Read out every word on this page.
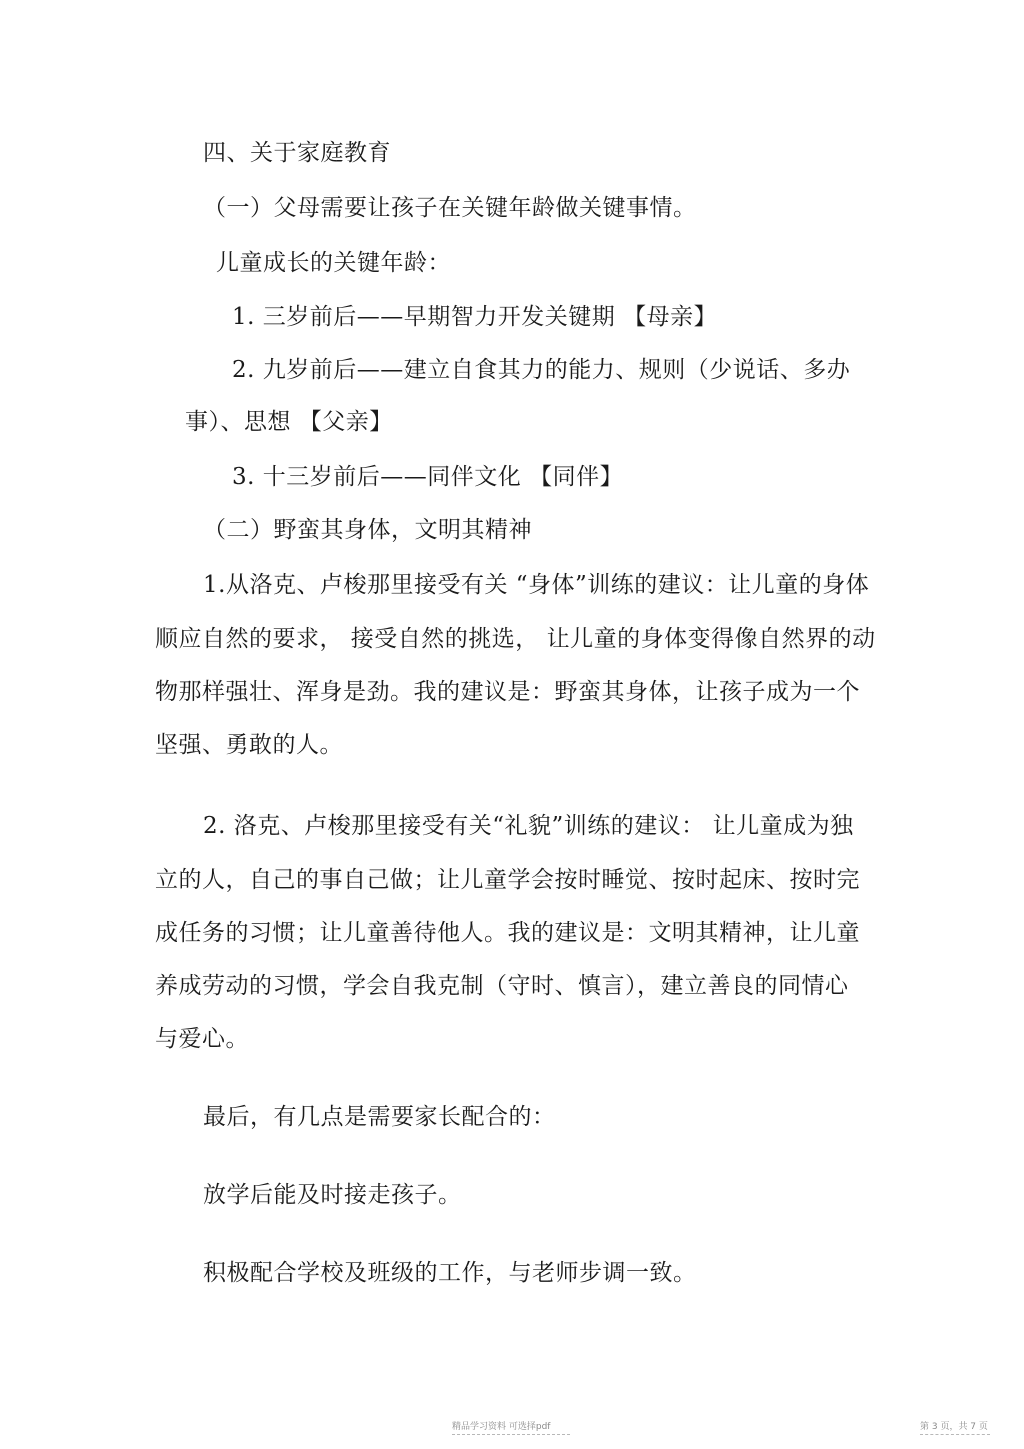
四、关于家庭教育
（一）父母需要让孩子在关键年龄做关键事情。
儿童成长的关键年龄：
1. 三岁前后——早期智力开发关键期 【母亲】
2. 九岁前后——建立自食其力的能力、规则（少说话、多办
事）、思想 【父亲】
3. 十三岁前后——同伴文化 【同伴】
（二）野蛮其身体，文明其精神
1.从洛克、卢梭那里接受有关 “身体”训练的建议：让儿童的身体
顺应自然的要求， 接受自然的挑选， 让儿童的身体变得像自然界的动
物那样强壮、浑身是劲。我的建议是：野蛮其身体，让孩子成为一个
坚强、勇敢的人。
2. 洛克、卢梭那里接受有关“礼貌”训练的建议： 让儿童成为独
立的人，自己的事自己做；让儿童学会按时睡觉、按时起床、按时完
成任务的习惯；让儿童善待他人。我的建议是：文明其精神，让儿童
养成劳动的习惯，学会自我克制（守时、慎言），建立善良的同情心
与爱心。
最后，有几点是需要家长配合的：
放学后能及时接走孩子。
积极配合学校及班级的工作，与老师步调一致。
精品学习资料 可选择pdf	第 3 页，共 7 页
